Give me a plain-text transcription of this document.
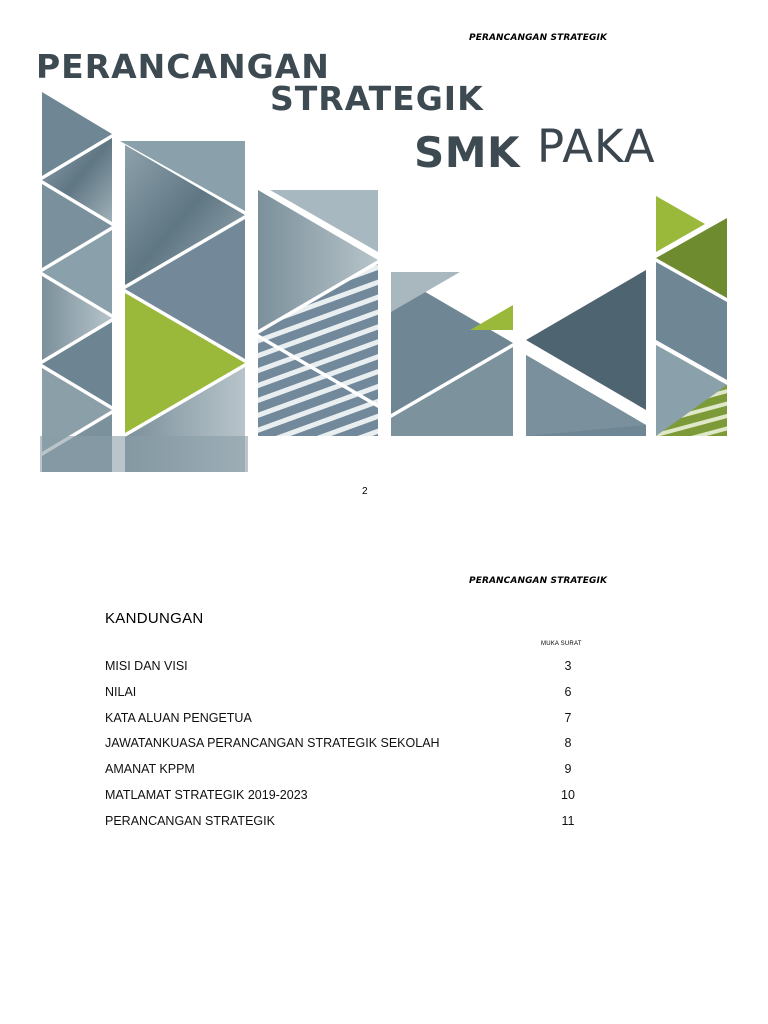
PERANCANGAN STRATEGIK
PERANCANGAN
STRATEGIK
SMK PAKA
2
PERANCANGAN STRATEGIK
KANDUNGAN
MUKA SURAT
MISI DAN VISI	3
NILAI	6
KATA ALUAN PENGETUA	7
JAWATANKUASA PERANCANGAN STRATEGIK SEKOLAH	8
AMANAT KPPM	9
MATLAMAT STRATEGIK 2019-2023	10
PERANCANGAN STRATEGIK	11
